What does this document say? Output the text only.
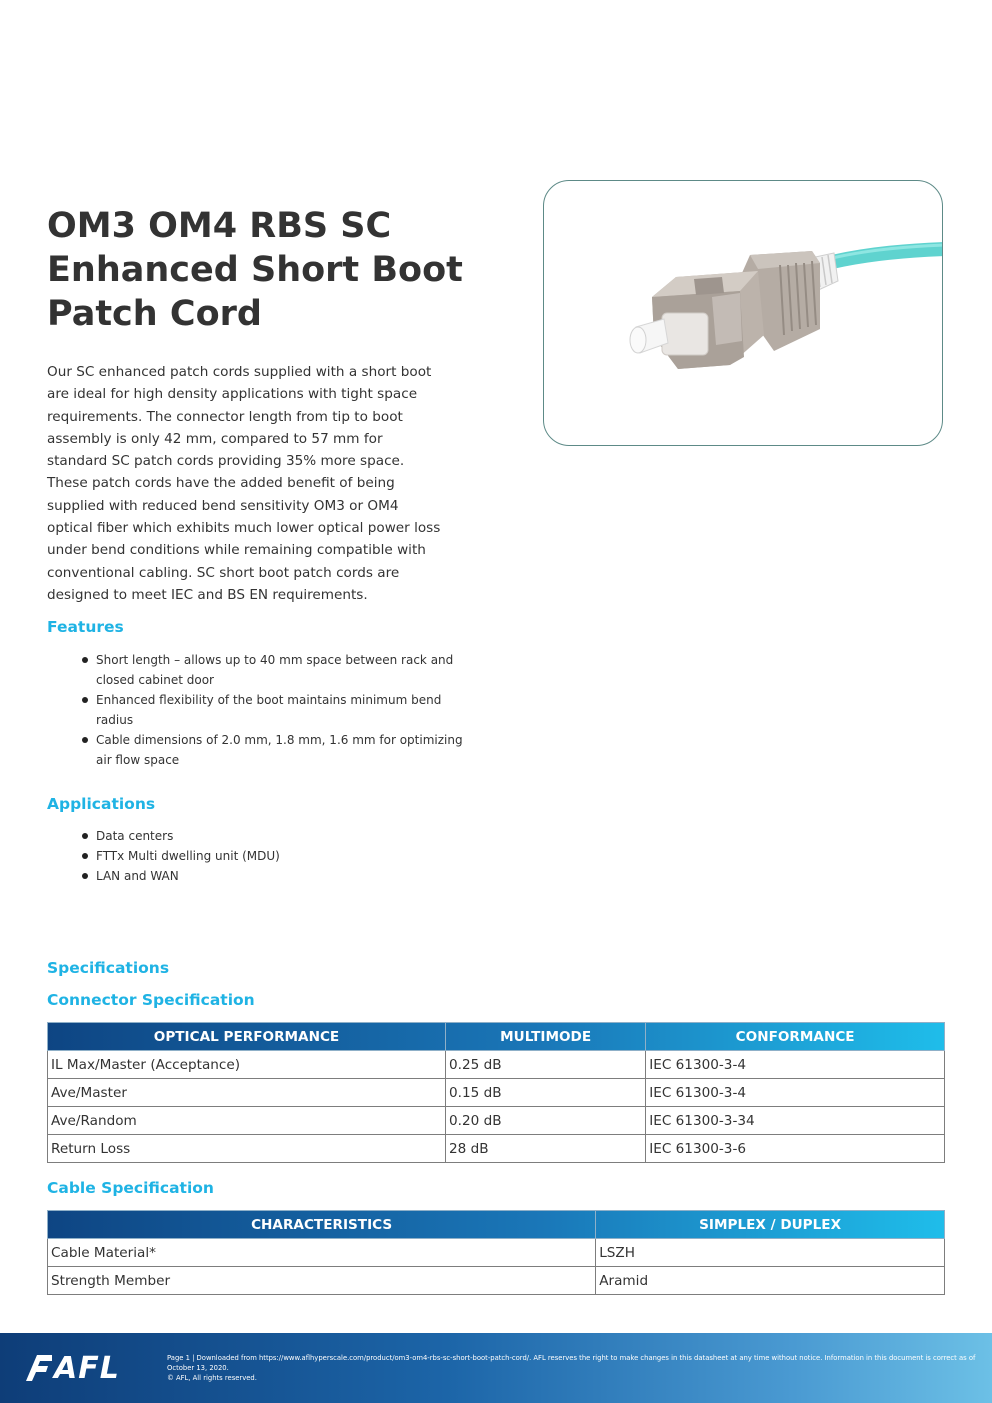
OM3 OM4 RBS SC Enhanced Short Boot Patch Cord

Our SC enhanced patch cords supplied with a short boot are ideal for high density applications with tight space requirements. The connector length from tip to boot assembly is only 42 mm, compared to 57 mm for standard SC patch cords providing 35% more space. These patch cords have the added benefit of being supplied with reduced bend sensitivity OM3 or OM4 optical fiber which exhibits much lower optical power loss under bend conditions while remaining compatible with conventional cabling. SC short boot patch cords are designed to meet IEC and BS EN requirements.

Features
Short length – allows up to 40 mm space between rack and closed cabinet door
Enhanced flexibility of the boot maintains minimum bend radius
Cable dimensions of 2.0 mm, 1.8 mm, 1.6 mm for optimizing air flow space
Applications
Data centers
FTTx Multi dwelling unit (MDU)
LAN and WAN
Specifications
Connector Specification
OPTICAL PERFORMANCE	MULTIMODE	CONFORMANCE
IL Max/Master (Acceptance)	0.25 dB	IEC 61300-3-4
Ave/Master	0.15 dB	IEC 61300-3-4
Ave/Random	0.20 dB	IEC 61300-3-34
Return Loss	28 dB	IEC 61300-3-6
Cable Specification
CHARACTERISTICS	SIMPLEX / DUPLEX
Cable Material*	LSZH
Strength Member	Aramid
AFL	Page 1 | Downloaded from https://www.aflhyperscale.com/product/om3-om4-rbs-sc-short-boot-patch-cord/. AFL reserves the right to make changes in this datasheet at any time without notice. Information in this document is correct as of
October 13, 2020.
© AFL, All rights reserved.
